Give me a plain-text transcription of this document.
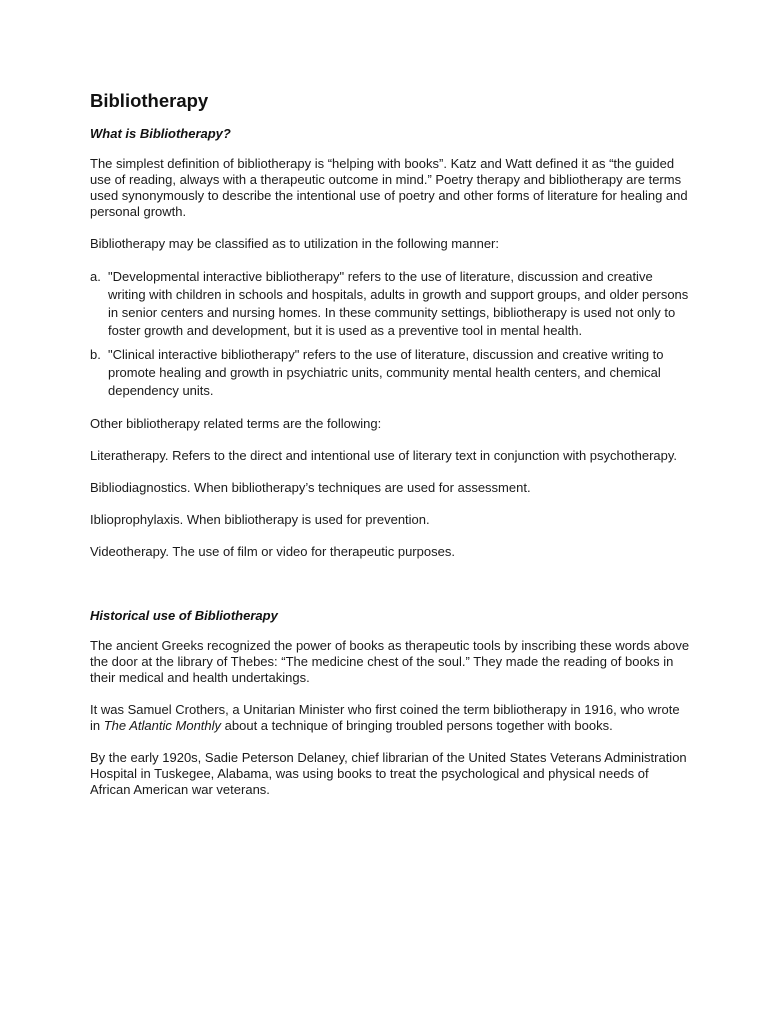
Bibliotherapy
What is Bibliotherapy?

The simplest definition of bibliotherapy is “helping with books”. Katz and Watt defined it as “the guided use of reading, always with a therapeutic outcome in mind.” Poetry therapy and bibliotherapy are terms used synonymously to describe the intentional use of poetry and other forms of literature for healing and personal growth.

Bibliotherapy may be classified as to utilization in the following manner:

a. "Developmental interactive bibliotherapy" refers to the use of literature, discussion and creative writing with children in schools and hospitals, adults in growth and support groups, and older persons in senior centers and nursing homes. In these community settings, bibliotherapy is used not only to foster growth and development, but it is used as a preventive tool in mental health.
b. "Clinical interactive bibliotherapy" refers to the use of literature, discussion and creative writing to promote healing and growth in psychiatric units, community mental health centers, and chemical dependency units.

Other bibliotherapy related terms are the following:

Literatherapy. Refers to the direct and intentional use of literary text in conjunction with psychotherapy.

Bibliodiagnostics. When bibliotherapy’s techniques are used for assessment.

Iblioprophylaxis. When bibliotherapy is used for prevention.

Videotherapy. The use of film or video for therapeutic purposes.

Historical use of Bibliotherapy

The ancient Greeks recognized the power of books as therapeutic tools by inscribing these words above the door at the library of Thebes: “The medicine chest of the soul.” They made the reading of books in their medical and health undertakings.

It was Samuel Crothers, a Unitarian Minister who first coined the term bibliotherapy in 1916, who wrote in The Atlantic Monthly about a technique of bringing troubled persons together with books.

By the early 1920s, Sadie Peterson Delaney, chief librarian of the United States Veterans Administration Hospital in Tuskegee, Alabama, was using books to treat the psychological and physical needs of African American war veterans.
